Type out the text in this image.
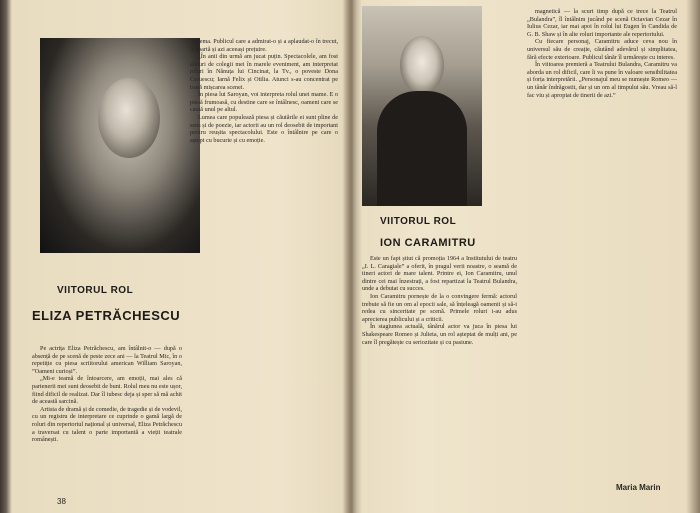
VIITORUL ROL
ELIZA PETRĂCHESCU

Pe actrița Eliza Petrăchescu, am întâlnit-o — după o absență de pe scenă de peste zece ani — la Teatrul Mic, în o repetiție cu piesa scriitorului american William Saroyan, ”Oameni curioși”.

„Mi-e teamă de întoarcere, am emoții, mai ales că partenerii mei sunt deosebit de buni. Rolul meu nu este ușor, fiind dificil de realizat. Dar îl iubesc deja și sper să mă achit de această sarcină.

Artista de dramă și de comedie, de tragedie și de vodevil, cu un registru de interpretare ce cuprinde o gamă largă de roluri din repertoriul național și universal, Eliza Petrăchescu a traversat cu talent o parte importantă a vieții teatrale românești.

tema. Publicul care a admirat-o și a aplaudat-o în trecut, îi poartă și azi aceeași prețuire.

„În anii din urmă am jucat puțin. Spectacolele, am fost alături de colegii mei în marele eveniment, am interpretat roluri în Nănuța lui Cincinat, la Tv., o poveste Dona Ceruescu; Iarnă Felix și Otilia. Atunci s-au concentrat pe toată mișcarea scenei.

În piesa lui Saroyan, voi interpreta rolul unei mame. E o piesă frumoasă, cu destine care se întâlnesc, oameni care se caută unul pe altul.

Lumea care populează piesa și căutările ei sunt pline de sens și de poezie, iar actorii au un rol deosebit de important pentru reușita spectacolului. Este o întâlnire pe care o aștept cu bucurie și cu emoție.

38
VIITORUL ROL
ION CARAMITRU

Este un fapt știut că promoția 1964 a Institutului de teatru „I. L. Caragiale” a oferit, în pragul verii noastre, o seamă de tineri actori de mare talent. Printre ei, Ion Caramitru, unul dintre cei mai înzestrați, a fost repartizat la Teatrul Bulandra, unde a debutat cu succes.

Ion Caramitru pornește de la o convingere fermă: actorul trebuie să fie un om al epocii sale, să înțeleagă oamenii și să-i redea cu sinceritate pe scenă. Primele roluri i-au adus aprecierea publicului și a criticii.

În stagiunea actuală, tânărul actor va juca în piesa lui Shakespeare Romeo și Julieta, un rol așteptat de mulți ani, pe care îl pregătește cu seriozitate și cu pasiune.

magnetică — la scurt timp după ce trece la Teatrul „Bulandra”, îl întâlnim jucând pe scenă Octavian Cezar în Iulius Cezar, iar mai apoi în rolul lui Eugen în Candida de G. B. Shaw și în alte roluri importante ale repertoriului.

Cu fiecare personaj, Caramitru aduce ceva nou în universul său de creație, căutând adevărul și simplitatea, fără efecte exterioare. Publicul tânăr îl urmărește cu interes.

În viitoarea premieră a Teatrului Bulandra, Caramitru va aborda un rol dificil, care îi va pune în valoare sensibilitatea și forța interpretării. „Personajul meu se numește Romeo — un tânăr îndrăgostit, dar și un om al timpului său. Vreau să-l fac viu și apropiat de tinerii de azi.”

Maria Marin
